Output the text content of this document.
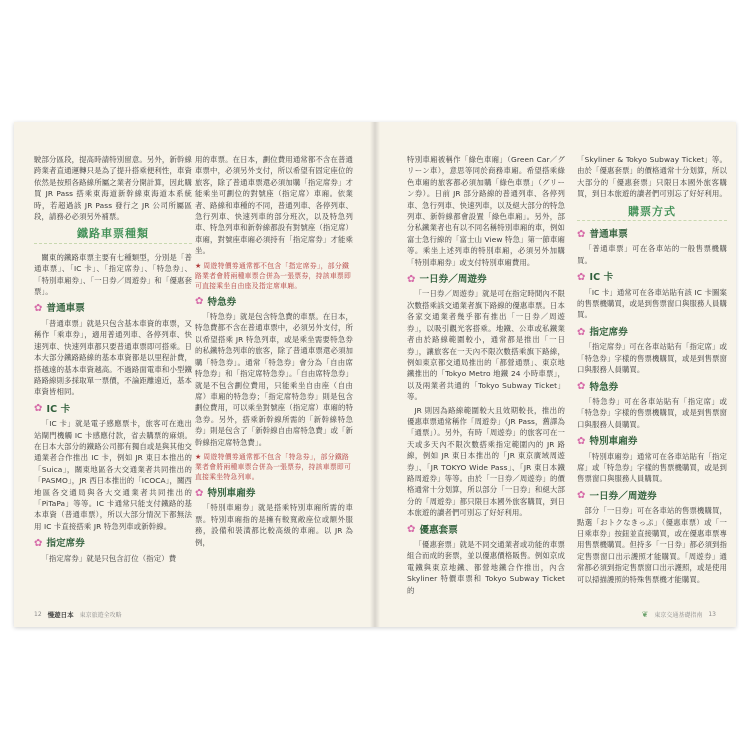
駛部分區段，提高時請特別留意。另外，新幹線跨業者直通運轉只是為了提升搭乘便利性，車資依然是按照各路線所屬之業者分開計算，因此購買 JR Pass 搭乘東海道新幹線東海道本系統時，若超過該 JR Pass 發行之 JR 公司所屬區段，請務必必須另外補票。

鐵路車票種類

關東的鐵路車票主要有七種類型，分別是「普通車票」、「IC 卡」、「指定席券」、「特急券」、「特別車廂券」、「一日券／周遊券」和「優惠套票」。

✿ 普通車票

「普通車票」就是只包含基本車資的車票，又稱作「乘車券」，適用普通列車、各停列車、快速列車、快速列車都只要普通車票即可搭乘。日本大部分鐵路路線的基本車資都是以里程計費，搭越遠的基本車資越高。不過路面電車和小型鐵路路線則多採取單一票價，不論距離遠近，基本車資皆相同。

✿ IC 卡

「IC 卡」就是電子感應票卡，旅客可在進出站閘門機觸 IC 卡感應付款，省去購票的麻煩。在日本大部分的鐵路公司都有獨自或是與其他交通業者合作推出 IC 卡，例如 JR 東日本推出的「Suica」，關東地區各大交通業者共同推出的「PASMO」，JR 西日本推出的「ICOCA」，關西地區各交通局與各大交通業者共同推出的「PiTaPa」等等。IC 卡通常只能支付鐵路的基本車資（普通車票），所以大部分情況下都無法用 IC 卡直接搭乘 JR 特急列車或新幹線。

✿ 指定席券

「指定席券」就是只包含訂位（指定）費

用的車票。在日本，劃位費用通常都不含在普通車票中，必須另外支付，所以希望有固定座位的旅客，除了普通車票還必須加購「指定席券」才能乘坐可劃位的對號座（指定席）車廂。依業者、路線和車種的不同，普通列車、各停列車、急行列車、快速列車的部分班次，以及特急列車、特急列車和新幹線都設有對號座（指定席）車廂，對號座車廂必須持有「指定席券」才能乘坐。

★ 周遊特價劵通常都不包含「指定席券」，部分鐵路業者會將兩種車票合併為一張票券，持該車票即可直接乘坐自由座及指定席車廂。
✿ 特急券

「特急券」就是包含特急費的車票。在日本，特急費都不含在普通車票中，必須另外支付，所以希望搭乘 JR 特急列車，或是乘坐需要特急券的私鐵特急列車的旅客，除了普通車票還必須加購「特急券」。通常「特急券」會分為「自由席特急券」和「指定席特急券」。「自由席特急券」就是不包含劃位費用，只能乘坐自由座（自由席）車廂的特急券；「指定席特急券」則是包含劃位費用，可以乘坐對號座（指定席）車廂的特急券。另外，搭乘新幹線所需的「新幹線特急券」則是包含了「新幹線自由席特急費」或「新幹線指定席特急費」。

★ 周遊特價劵通常都不包含「特急券」，部分鐵路業者會將兩種車票合併為一張票券，持該車票即可直接乘坐特急列車。
✿ 特別車廂券

「特別車廂券」就是搭乘特別車廂所需的車票。特別車廂指的是擁有較寬敞座位或額外服務，設備和裝潢都比較高級的車廂。以 JR 為例，

特別車廂被稱作「綠色車廂」（Green Car／グリーン車），意思等同於商務車廂。希望搭乘綠色車廂的旅客都必須加購「綠色車票」（グリーン券）。日前 JR 部分路線的普通列車、各停列車、急行列車、快速列車，以及絕大部分的特急列車、新幹線都會設置「綠色車廂」。另外，部分私鐵業者也有以不同名稱特別車廂的車，例如富士急行線的「富士山 View 特急」第一節車廂等。乘坐上述列車的特別車廂，必須另外加購「特別車廂券」或支付特別車廂費用。

✿ 一日券／周遊券

「一日券／周遊券」就是可在指定時間內不限次數搭乘該交通業者旗下路線的優惠車票。日本各家交通業者幾乎都有推出「一日券／周遊券」，以吸引觀光客搭乘。地鐵、公車或私鐵業者由於路線範圍較小，通常都是推出「一日券」，讓旅客在一天內不限次數搭乘旗下路線，例如東京都交通局推出的「都營通票」、東京地鐵推出的「Tokyo Metro 地鐵 24 小時車票」，以及兩業者共通的「Tokyo Subway Ticket」等。

JR 則因為路線範圍較大且效期較長，推出的優惠車票通常稱作「周遊券」（JR Pass，舊譯為「通票」）。另外，有時「周遊券」的旅客可在一天或多天內不限次數搭乘指定範圍內的 JR 路線，例如 JR 東日本推出的「JR 東京廣域周遊券」、「JR TOKYO Wide Pass」、「JR 東日本鐵路周遊券」等等。由於「一日券／周遊券」的價格通常十分划算，所以部分「一日券」和絕大部分的「周遊券」都只限日本國外旅客購買，到日本旅遊的讀者們可別忘了好好利用。

✿ 優惠套票

「優惠套票」就是不同交通業者或功能的車票組合而成的套票，並以優惠價格販售。例如京成電鐵與東京地鐵、都營地鐵合作推出，內含 Skyliner 特價車票和 Tokyo Subway Ticket 的

「Skyliner & Tokyo Subway Ticket」等。由於「優惠套票」的價格通常十分划算，所以大部分的「優惠套票」只限日本國外旅客購買，到日本旅遊的讀者們可別忘了好好利用。

購票方式
✿ 普通車票

「普通車票」可在各車站的一般售票機購買。

✿ IC 卡

「IC 卡」通常可在各車站貼有該 IC 卡圖案的售票機購買，或是到售票窗口與服務人員購買。

✿ 指定席券

「指定席券」可在各車站貼有「指定席」或「特急券」字樣的售票機購買，或是到售票窗口與服務人員購買。

✿ 特急券

「特急券」可在各車站貼有「指定席」或「特急券」字樣的售票機購買，或是到售票窗口與服務人員購買。

✿ 特別車廂券

「特別車廂券」通常可在各車站貼有「指定席」或「特急券」字樣的售票機購買，或是到售票窗口與服務人員購買。

✿ 一日券／周遊券

部分「一日券」可在各車站的售票機購買，點選「おトクなきっぷ」（優惠車票）或「一日乘車券」按鈕並直接購買，或在優惠車票專用售票機購買。但持多「一日券」都必須到指定售票窗口出示護照才能購買。「周遊券」通常都必須到指定售票窗口出示護照，或是使用可以掃描護照的特殊售票機才能購買。

12 慢遊日本 東京旅遊全攻略	❦ 東京交通基礎指南 13
